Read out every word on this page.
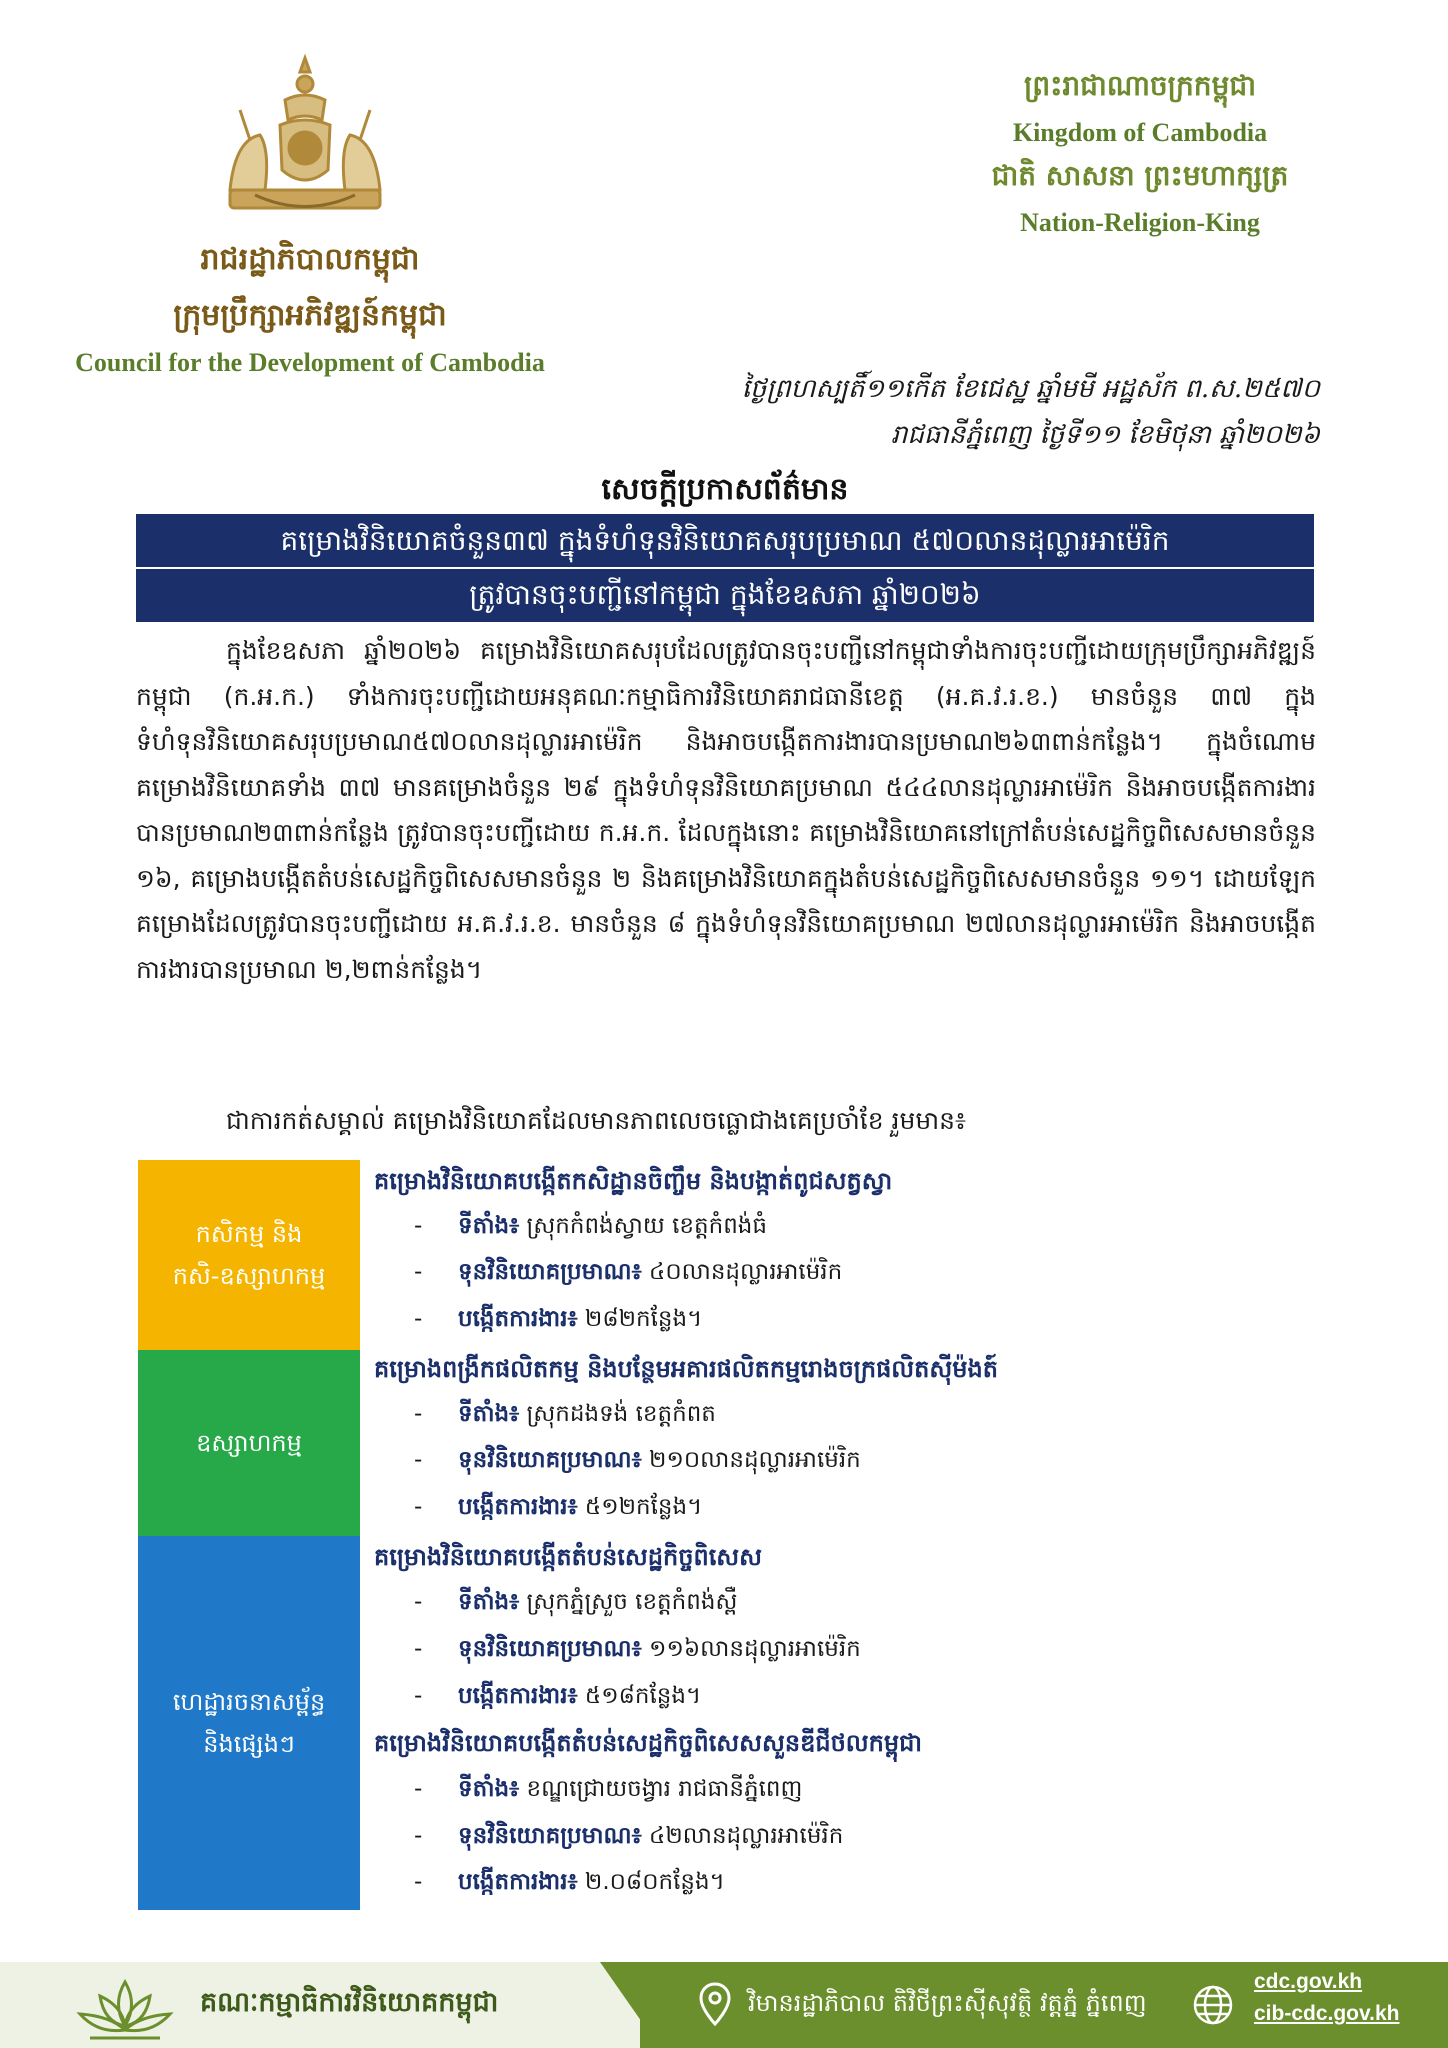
រាជរដ្ឋាភិបាលកម្ពុជា
ក្រុមប្រឹក្សាអភិវឌ្ឍន៍កម្ពុជា
Council for the Development of Cambodia
ព្រះរាជាណាចក្រកម្ពុជា
Kingdom of Cambodia
ជាតិ សាសនា ព្រះមហាក្សត្រ
Nation-Religion-King
ថ្ងៃព្រហស្បតិ៍១១កើត ខែជេស្ឋ ឆ្នាំមមី អដ្ឋស័ក ព.ស.២៥៧០
រាជធានីភ្នំពេញ ថ្ងៃទី១១ ខែមិថុនា ឆ្នាំ២០២៦
សេចក្តីប្រកាសព័ត៌មាន
គម្រោងវិនិយោគចំនួន៣៧ ក្នុងទំហំទុនវិនិយោគសរុបប្រមាណ ៥៧០លានដុល្លារអាម៉េរិក
ត្រូវបានចុះបញ្ជីនៅកម្ពុជា ក្នុងខែឧសភា ឆ្នាំ២០២៦

ក្នុងខែឧសភា ឆ្នាំ២០២៦ គម្រោងវិនិយោគសរុបដែលត្រូវបានចុះបញ្ជីនៅកម្ពុជាទាំងការចុះបញ្ជីដោយក្រុមប្រឹក្សាអភិវឌ្ឍន៍កម្ពុជា (ក.អ.ក.) ទាំងការចុះបញ្ជីដោយអនុគណៈកម្មាធិការវិនិយោគរាជធានីខេត្ត (អ.គ.វ.រ.ខ.) មានចំនួន ៣៧ ក្នុងទំហំទុនវិនិយោគសរុបប្រមាណ៥៧០លានដុល្លារអាម៉េរិក និងអាចបង្កើតការងារបានប្រមាណ២៦៣ពាន់កន្លែង។ ក្នុងចំណោមគម្រោងវិនិយោគទាំង ៣៧ មានគម្រោងចំនួន ២៩ ក្នុងទំហំទុនវិនិយោគប្រមាណ ៥៤៤លានដុល្លារអាម៉េរិក និងអាចបង្កើតការងារបានប្រមាណ២៣ពាន់កន្លែង ត្រូវបានចុះបញ្ជីដោយ ក.អ.ក. ដែលក្នុងនោះ គម្រោងវិនិយោគនៅក្រៅតំបន់សេដ្ឋកិច្ចពិសេសមានចំនួន ១៦, គម្រោងបង្កើតតំបន់សេដ្ឋកិច្ចពិសេសមានចំនួន ២ និងគម្រោងវិនិយោគក្នុងតំបន់សេដ្ឋកិច្ចពិសេសមានចំនួន ១១។ ដោយឡែក គម្រោងដែលត្រូវបានចុះបញ្ជីដោយ អ.គ.វ.រ.ខ. មានចំនួន ៨ ក្នុងទំហំទុនវិនិយោគប្រមាណ ២៧លានដុល្លារអាម៉េរិក និងអាចបង្កើតការងារបានប្រមាណ ២,២ពាន់កន្លែង។

ជាការកត់សម្គាល់ គម្រោងវិនិយោគដែលមានភាពលេចធ្លោជាងគេប្រចាំខែ រួមមាន៖
កសិកម្ម និង
កសិ-ឧស្សាហកម្ម
គម្រោងវិនិយោគបង្កើតកសិដ្ឋានចិញ្ចឹម និងបង្កាត់ពូជសត្វស្វា
- ទីតាំង៖ ស្រុកកំពង់ស្វាយ ខេត្តកំពង់ធំ
- ទុនវិនិយោគប្រមាណ៖ ៤០លានដុល្លារអាម៉េរិក
- បង្កើតការងារ៖ ២៨២កន្លែង។
ឧស្សាហកម្ម
គម្រោងពង្រីកផលិតកម្ម និងបន្ថែមអគារផលិតកម្មរោងចក្រផលិតស៊ីម៉ងត៍
- ទីតាំង៖ ស្រុកដងទង់ ខេត្តកំពត
- ទុនវិនិយោគប្រមាណ៖ ២១០លានដុល្លារអាម៉េរិក
- បង្កើតការងារ៖ ៥១២កន្លែង។
ហេដ្ឋារចនាសម្ព័ន្ធ
និងផ្សេងៗ
គម្រោងវិនិយោគបង្កើតតំបន់សេដ្ឋកិច្ចពិសេស
- ទីតាំង៖ ស្រុកភ្នំស្រួច ខេត្តកំពង់ស្ពឺ
- ទុនវិនិយោគប្រមាណ៖ ១១៦លានដុល្លារអាម៉េរិក
- បង្កើតការងារ៖ ៥១៨កន្លែង។
គម្រោងវិនិយោគបង្កើតតំបន់សេដ្ឋកិច្ចពិសេសសួនឌីជីថលកម្ពុជា
- ទីតាំង៖ ខណ្ឌជ្រោយចង្វារ រាជធានីភ្នំពេញ
- ទុនវិនិយោគប្រមាណ៖ ៤២លានដុល្លារអាម៉េរិក
- បង្កើតការងារ៖ ២.០៨០កន្លែង។
គណៈកម្មាធិការវិនិយោគកម្ពុជា	វិមានរដ្ឋាភិបាល តិវិថីព្រះស៊ីសុវត្ថិ វត្តភ្នំ ភ្នំពេញ
cdc.gov.kh
cib-cdc.gov.kh
